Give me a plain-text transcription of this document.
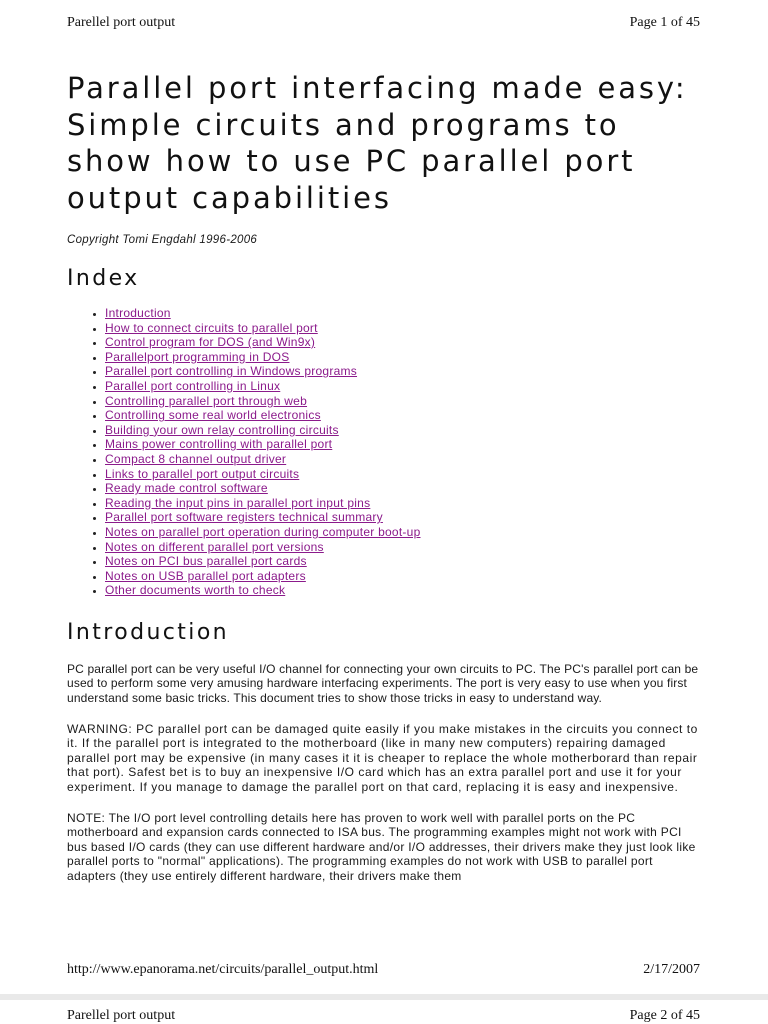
Parellel port output	Page 1 of 45
Parallel port interfacing made easy: Simple circuits and programs to show how to use PC parallel port output capabilities
Copyright Tomi Engdahl 1996-2006
Index
• Introduction
• How to connect circuits to parallel port
• Control program for DOS (and Win9x)
• Parallelport programming in DOS
• Parallel port controlling in Windows programs
• Parallel port controlling in Linux
• Controlling parallel port through web
• Controlling some real world electronics
• Building your own relay controlling circuits
• Mains power controlling with parallel port
• Compact 8 channel output driver
• Links to parallel port output circuits
• Ready made control software
• Reading the input pins in parallel port input pins
• Parallel port software registers technical summary
• Notes on parallel port operation during computer boot-up
• Notes on different parallel port versions
• Notes on PCI bus parallel port cards
• Notes on USB parallel port adapters
• Other documents worth to check
Introduction

PC parallel port can be very useful I/O channel for connecting your own circuits to PC. The PC's parallel port can be used to perform some very amusing hardware interfacing experiments. The port is very easy to use when you first understand some basic tricks. This document tries to show those tricks in easy to understand way.

WARNING: PC parallel port can be damaged quite easily if you make mistakes in the circuits you connect to it. If the parallel port is integrated to the motherboard (like in many new computers) repairing damaged parallel port may be expensive (in many cases it it is cheaper to replace the whole motherborard than repair that port). Safest bet is to buy an inexpensive I/O card which has an extra parallel port and use it for your experiment. If you manage to damage the parallel port on that card, replacing it is easy and inexpensive.

NOTE: The I/O port level controlling details here has proven to work well with parallel ports on the PC motherboard and expansion cards connected to ISA bus. The programming examples might not work with PCI bus based I/O cards (they can use different hardware and/or I/O addresses, their drivers make they just look like parallel ports to "normal" applications). The programming examples do not work with USB to parallel port adapters (they use entirely different hardware, their drivers make them

http://www.epanorama.net/circuits/parallel_output.html	2/17/2007
Parellel port output	Page 2 of 45
